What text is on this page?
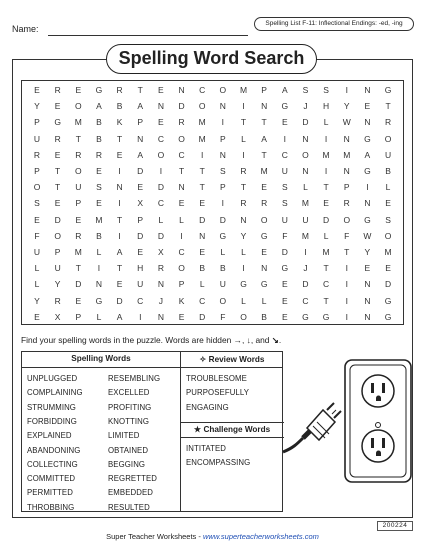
Name:
Spelling List F-11: Inflectional Endings: -ed, -ing
Spelling Word Search
E	R	E	G	R	T	E	N	C	O	M	P	A	S	S	I	N	G
Y	E	O	A	B	A	N	D	O	N	I	N	G	J	H	Y	E	T
P	G	M	B	K	P	E	R	M	I	T	T	E	D	L	W	N	R
U	R	T	B	T	N	C	O	M	P	L	A	I	N	I	N	G	O
R	E	R	R	E	A	O	C	I	N	I	T	C	O	M	M	A	U
P	T	O	E	I	D	I	T	T	S	R	M	U	N	I	N	G	B
O	T	U	S	N	E	D	N	T	P	T	E	S	L	T	P	I	L
S	E	P	E	I	X	C	E	E	I	R	R	S	M	E	R	N	E
E	D	E	M	T	P	L	L	D	D	N	O	U	U	D	O	G	S
F	O	R	B	I	D	D	I	N	G	Y	G	F	M	L	F	W	O
U	P	M	L	A	E	X	C	E	L	L	E	D	I	M	T	Y	M
L	U	T	I	T	H	R	O	B	B	I	N	G	J	T	I	E	E
L	Y	D	N	E	U	N	P	L	U	G	G	E	D	C	I	N	D
Y	R	E	G	D	C	J	K	C	O	L	L	E	C	T	I	N	G
E	X	P	L	A	I	N	E	D	F	O	B	E	G	G	I	N	G
Find your spelling words in the puzzle. Words are hidden →, ↓, and ↘.
Spelling Words	✧ Review Words
★ Challenge Words
UNPLUGGED
COMPLAINING
STRUMMING
FORBIDDING
EXPLAINED
ABANDONING
COLLECTING
COMMITTED
PERMITTED
THROBBING
RESEMBLING
EXCELLED
PROFITING
KNOTTING
LIMITED
OBTAINED
BEGGING
REGRETTED
EMBEDDED
RESULTED
TROUBLESOME
PURPOSEFULLY
ENGAGING
INTITATED
ENCOMPASSING
Super Teacher Worksheets - www.superteacherworksheets.com
200224
